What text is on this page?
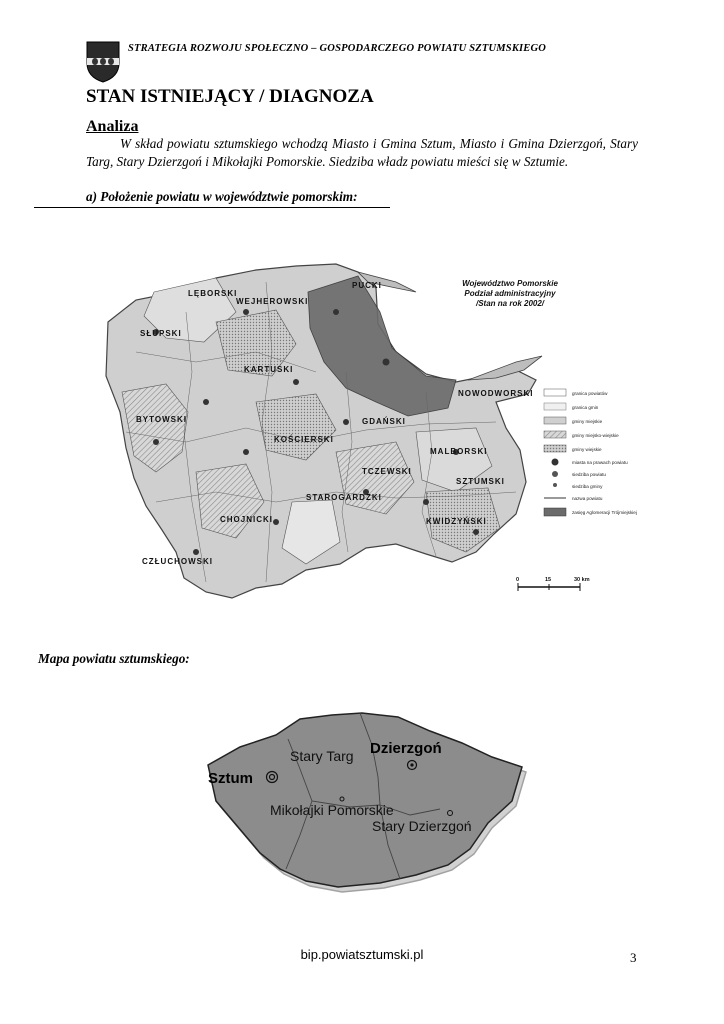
STRATEGIA ROZWOJU SPOŁECZNO – GOSPODARCZEGO POWIATU SZTUMSKIEGO
STAN ISTNIEJĄCY / DIAGNOZA
Analiza
W skład powiatu sztumskiego wchodzą Miasto i Gmina Sztum, Miasto i Gmina Dzierzgoń, Stary Targ, Stary Dzierzgoń i Mikołajki Pomorskie. Siedziba władz powiatu mieści się w Sztumie.
a) Położenie powiatu w województwie pomorskim:
PUCKI
WEJHEROWSKI
LĘBORSKI
SŁUPSKI
KARTUSKI
GDAŃSKI
NOWODWORSKI
BYTOWSKI
KOŚCIERSKI
MALBORSKI
TCZEWSKI
SZTUMSKI
STAROGARDZKI
CHOJNICKI	KWIDZYŃSKI
CZŁUCHOWSKI
Województwo Pomorskie
Podział administracyjny
/Stan na rok 2002/
granica powiatów
granica gmin
gminy miejskie
gminy miejsko-wiejskie
gminy wiejskie
miasta na prawach powiatu
siedziba powiatu
siedziba gminy
nazwa powiatu
zasięg Aglomeracji Trójmiejskiej
0	15	30 km
Mapa powiatu sztumskiego:
Stary Targ Dzierzgoń
Sztum
Mikołajki Pomorskie
Stary Dzierzgoń
bip.powiatsztumski.pl	3
